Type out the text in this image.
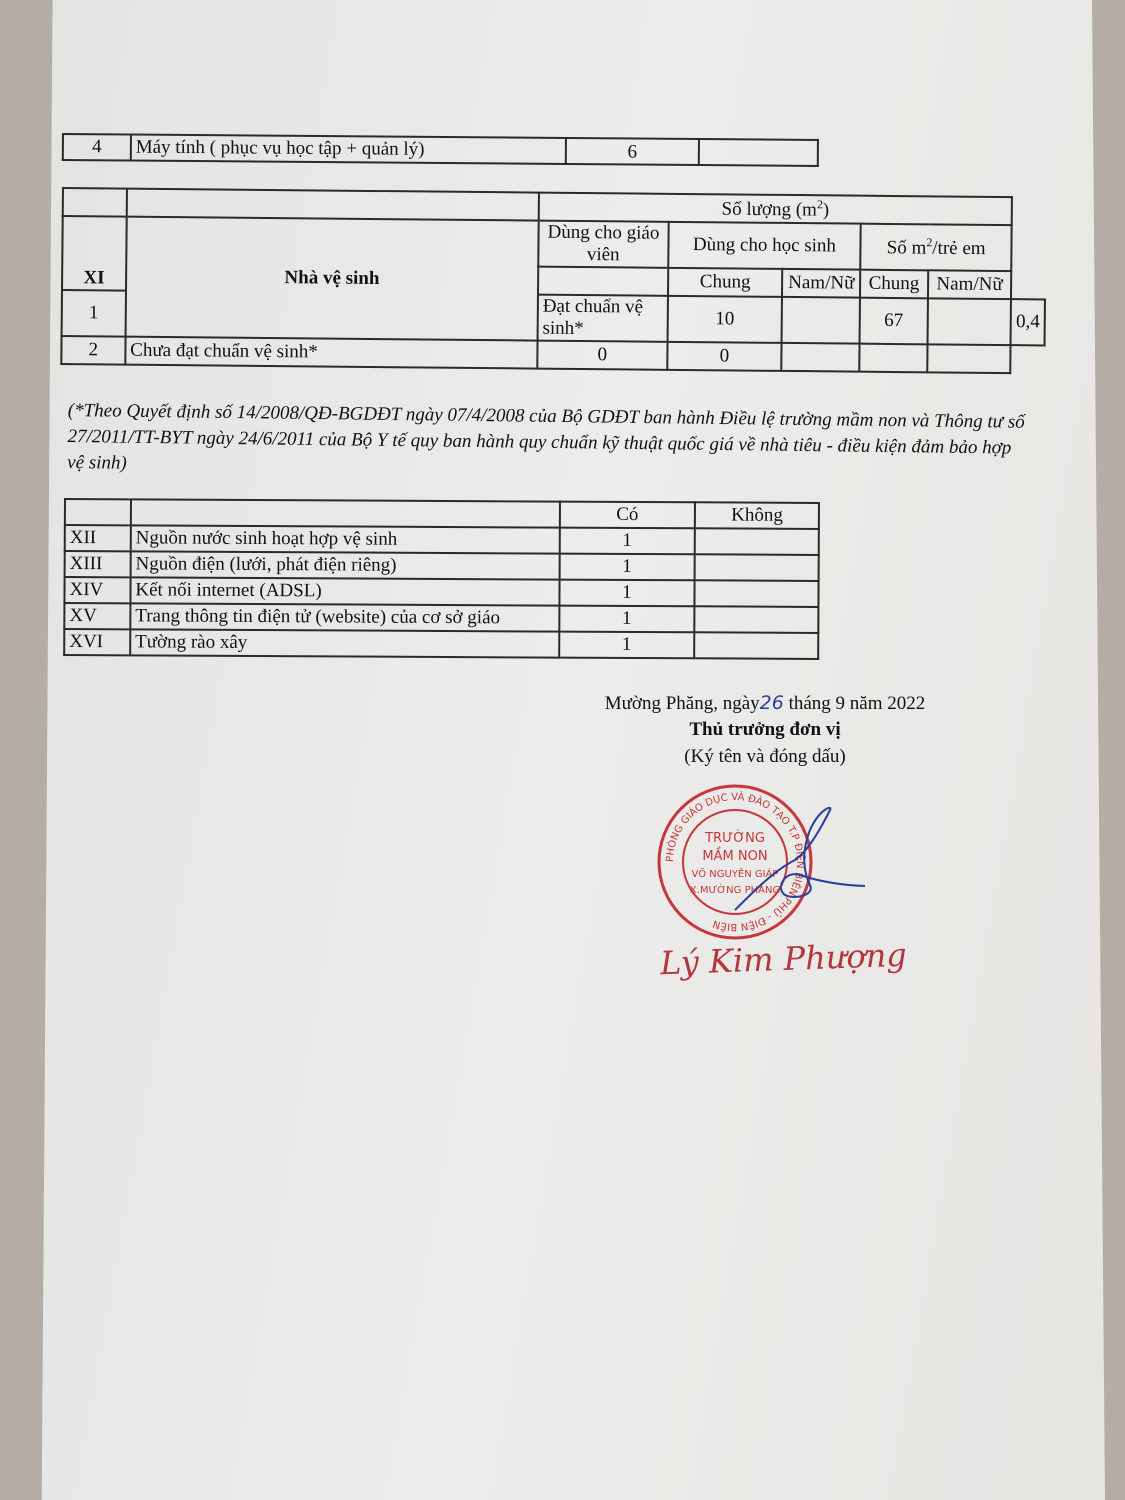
4	Máy tính ( phục vụ học tập + quản lý)	6	
		Số lượng $(m^2)$					
XI	Nhà vệ sinh	Dùng cho giáo viên	Dùng cho học sinh		Số $m^2$/trẻ em		
			Chung	Nam/Nữ	Chung	Nam/Nữ	
1		Đạt chuẩn vệ sinh*	10		67		0,4
2	Chưa đạt chuẩn vệ sinh*	0	0				

(*Theo Quyết định số 14/2008/QĐ-BGDĐT ngày 07/4/2008 của Bộ GDĐT ban hành Điều lệ trường mầm non và Thông tư số 27/2011/TT-BYT ngày 24/6/2011 của Bộ Y tế quy ban hành quy chuẩn kỹ thuật quốc giá về nhà tiêu - điều kiện đảm bảo hợp vệ sinh)

		Có	Không
XII	Nguồn nước sinh hoạt hợp vệ sinh	1	
XIII	Nguồn điện (lưới, phát điện riêng)	1	
XIV	Kết nối internet (ADSL)	1	
XV	Trang thông tin điện tử (website) của cơ sở giáo	1	
XVI	Tường rào xây	1	
Mường Phăng, ngày26 tháng 9 năm 2022
Thủ trưởng đơn vị
(Ký tên và đóng dấu)
PHÒNG GIÁO DỤC VÀ ĐÀO TẠO T.P ĐIỆN BIÊN PHỦ - ĐIỆN BIÊN
TRƯỜNG
MẦM NON
VÕ NGUYÊN GIÁP
X.MƯỜNG PHĂNG
Lý Kim Phượng
